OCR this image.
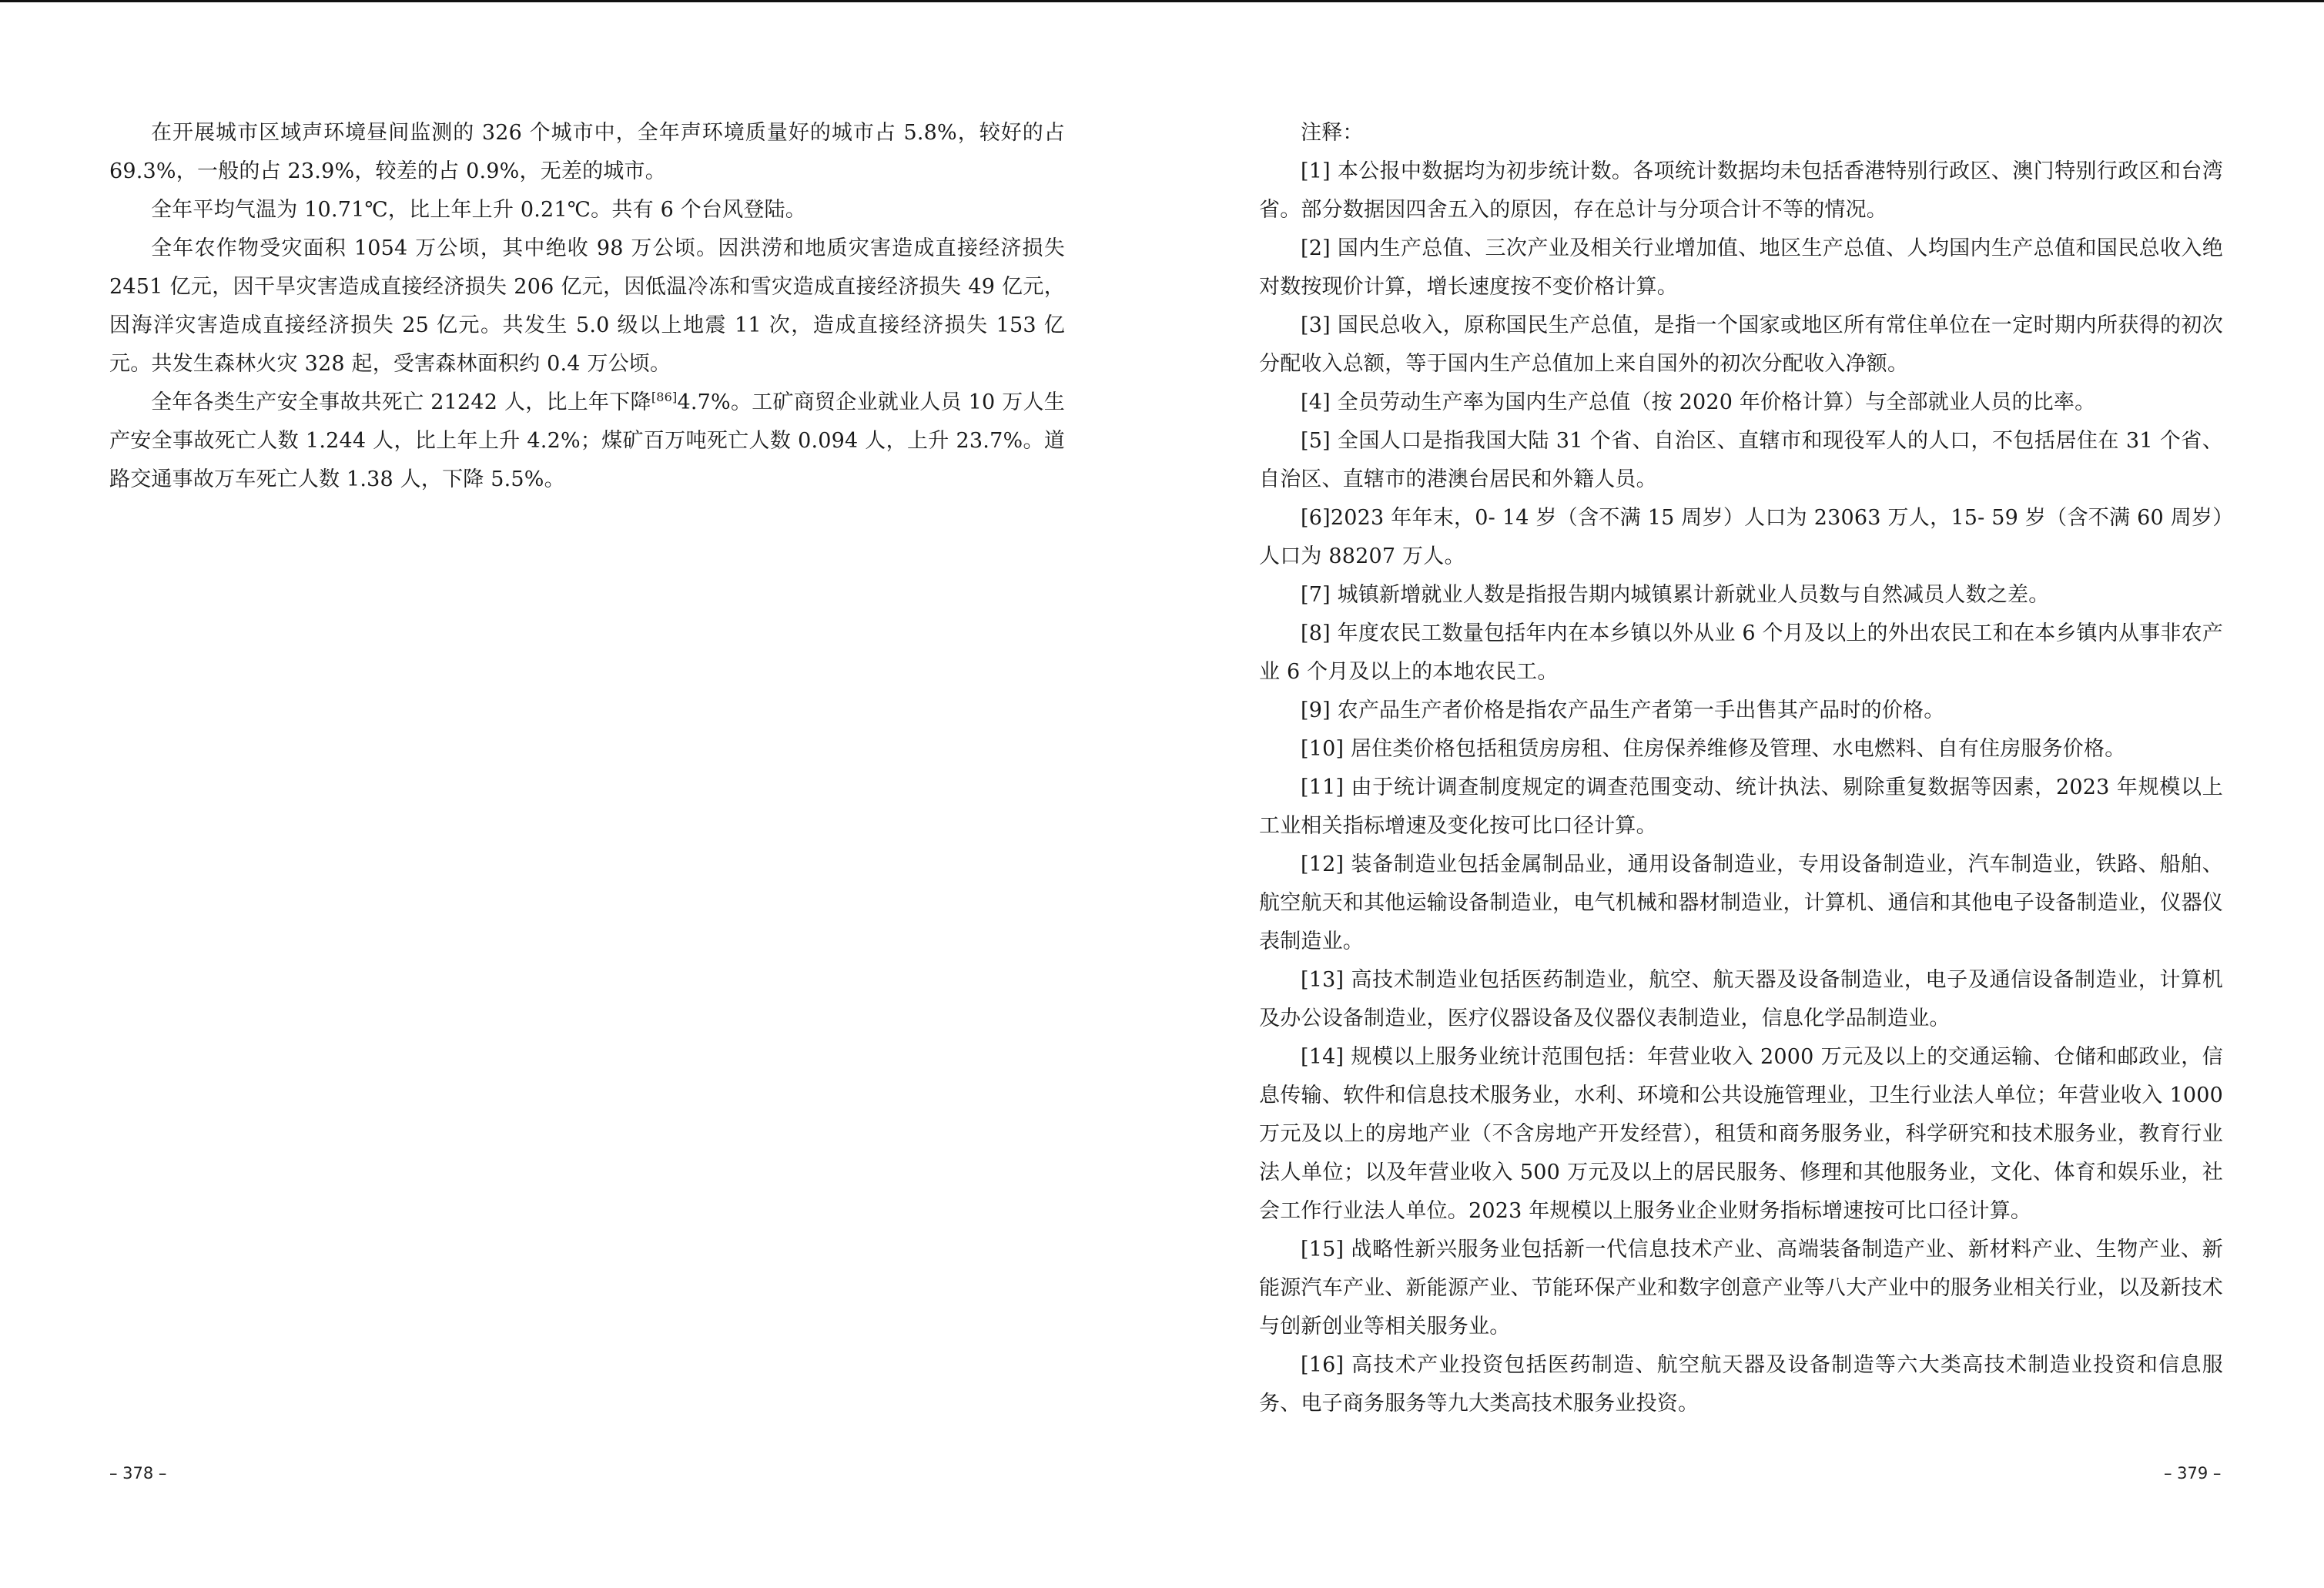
在开展城市区域声环境昼间监测的 326 个城市中，全年声环境质量好的城市占 5.8%，较好的占 69.3%，一般的占 23.9%，较差的占 0.9%，无差的城市。

全年平均气温为 10.71℃，比上年上升 0.21℃。共有 6 个台风登陆。

全年农作物受灾面积 1054 万公顷，其中绝收 98 万公顷。因洪涝和地质灾害造成直接经济损失 2451 亿元，因干旱灾害造成直接经济损失 206 亿元，因低温冷冻和雪灾造成直接经济损失 49 亿元，因海洋灾害造成直接经济损失 25 亿元。共发生 5.0 级以上地震 11 次，造成直接经济损失 153 亿元。共发生森林火灾 328 起，受害森林面积约 0.4 万公顷。

全年各类生产安全事故共死亡 21242 人，比上年下降[86]4.7%。工矿商贸企业就业人员 10 万人生产安全事故死亡人数 1.244 人，比上年上升 4.2%；煤矿百万吨死亡人数 0.094 人，上升 23.7%。道路交通事故万车死亡人数 1.38 人，下降 5.5%。

– 378 –

注释：

[1] 本公报中数据均为初步统计数。各项统计数据均未包括香港特别行政区、澳门特别行政区和台湾省。部分数据因四舍五入的原因，存在总计与分项合计不等的情况。

[2] 国内生产总值、三次产业及相关行业增加值、地区生产总值、人均国内生产总值和国民总收入绝对数按现价计算，增长速度按不变价格计算。

[3] 国民总收入，原称国民生产总值，是指一个国家或地区所有常住单位在一定时期内所获得的初次分配收入总额，等于国内生产总值加上来自国外的初次分配收入净额。

[4] 全员劳动生产率为国内生产总值（按 2020 年价格计算）与全部就业人员的比率。

[5] 全国人口是指我国大陆 31 个省、自治区、直辖市和现役军人的人口，不包括居住在 31 个省、自治区、直辖市的港澳台居民和外籍人员。

[6]2023 年年末，0- 14 岁（含不满 15 周岁）人口为 23063 万人，15- 59 岁（含不满 60 周岁）人口为 88207 万人。

[7] 城镇新增就业人数是指报告期内城镇累计新就业人员数与自然减员人数之差。

[8] 年度农民工数量包括年内在本乡镇以外从业 6 个月及以上的外出农民工和在本乡镇内从事非农产业 6 个月及以上的本地农民工。

[9] 农产品生产者价格是指农产品生产者第一手出售其产品时的价格。

[10] 居住类价格包括租赁房房租、住房保养维修及管理、水电燃料、自有住房服务价格。

[11] 由于统计调查制度规定的调查范围变动、统计执法、剔除重复数据等因素，2023 年规模以上工业相关指标增速及变化按可比口径计算。

[12] 装备制造业包括金属制品业，通用设备制造业，专用设备制造业，汽车制造业，铁路、船舶、航空航天和其他运输设备制造业，电气机械和器材制造业，计算机、通信和其他电子设备制造业，仪器仪表制造业。

[13] 高技术制造业包括医药制造业，航空、航天器及设备制造业，电子及通信设备制造业，计算机及办公设备制造业，医疗仪器设备及仪器仪表制造业，信息化学品制造业。

[14] 规模以上服务业统计范围包括：年营业收入 2000 万元及以上的交通运输、仓储和邮政业，信息传输、软件和信息技术服务业，水利、环境和公共设施管理业，卫生行业法人单位；年营业收入 1000 万元及以上的房地产业（不含房地产开发经营），租赁和商务服务业，科学研究和技术服务业，教育行业法人单位；以及年营业收入 500 万元及以上的居民服务、修理和其他服务业，文化、体育和娱乐业，社会工作行业法人单位。2023 年规模以上服务业企业财务指标增速按可比口径计算。

[15] 战略性新兴服务业包括新一代信息技术产业、高端装备制造产业、新材料产业、生物产业、新能源汽车产业、新能源产业、节能环保产业和数字创意产业等八大产业中的服务业相关行业，以及新技术与创新创业等相关服务业。

[16] 高技术产业投资包括医药制造、航空航天器及设备制造等六大类高技术制造业投资和信息服务、电子商务服务等九大类高技术服务业投资。

– 379 –
